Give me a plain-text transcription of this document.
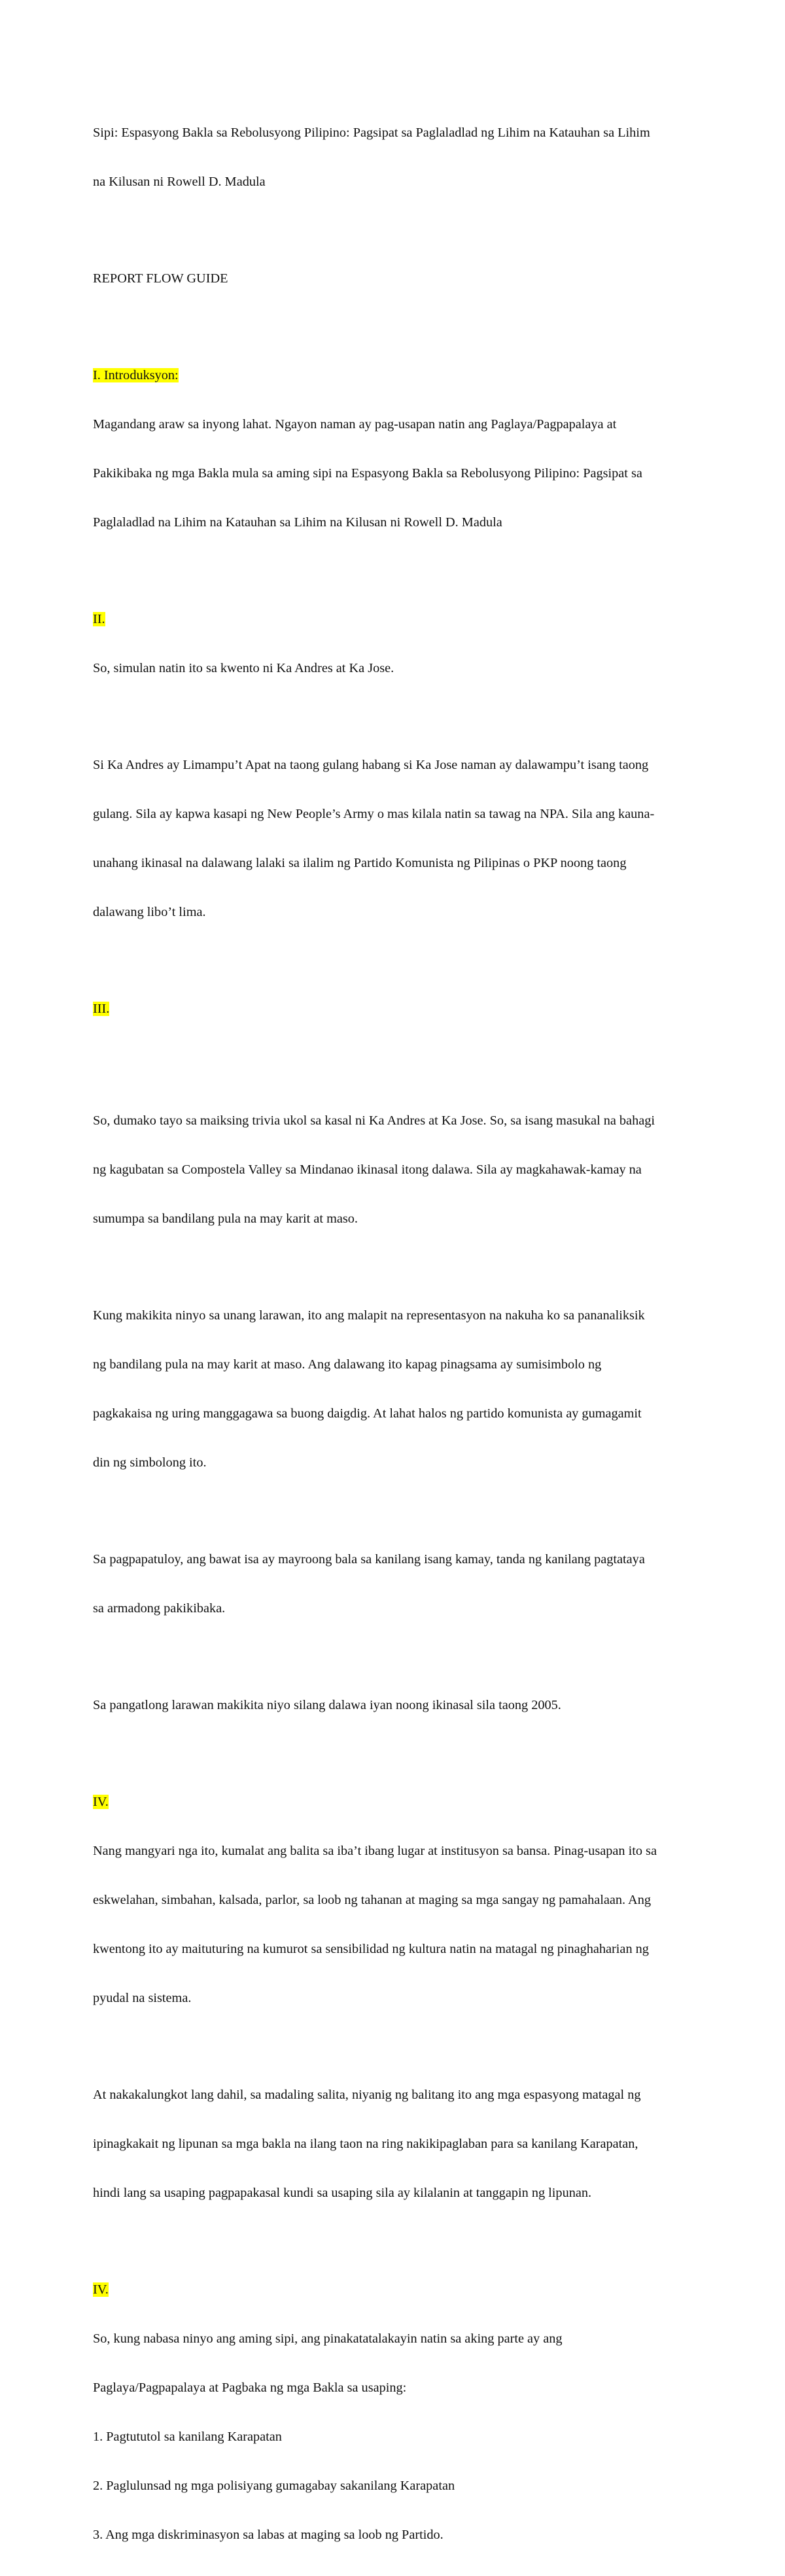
Sipi: Espasyong Bakla sa Rebolusyong Pilipino: Pagsipat sa Paglaladlad ng Lihim na Katauhan sa Lihim

na Kilusan ni Rowell D. Madula

REPORT FLOW GUIDE

I. Introduksyon:

Magandang araw sa inyong lahat. Ngayon naman ay pag-usapan natin ang Paglaya/Pagpapalaya at

Pakikibaka ng mga Bakla mula sa aming sipi na Espasyong Bakla sa Rebolusyong Pilipino: Pagsipat sa

Paglaladlad na Lihim na Katauhan sa Lihim na Kilusan ni Rowell D. Madula

II.

So, simulan natin ito sa kwento ni Ka Andres at Ka Jose.

Si Ka Andres ay Limampu’t Apat na taong gulang habang si Ka Jose naman ay dalawampu’t isang taong

gulang. Sila ay kapwa kasapi ng New People’s Army o mas kilala natin sa tawag na NPA. Sila ang kauna-

unahang ikinasal na dalawang lalaki sa ilalim ng Partido Komunista ng Pilipinas o PKP noong taong

dalawang libo’t lima.

III.

So, dumako tayo sa maiksing trivia ukol sa kasal ni Ka Andres at Ka Jose. So, sa isang masukal na bahagi

ng kagubatan sa Compostela Valley sa Mindanao ikinasal itong dalawa. Sila ay magkahawak-kamay na

sumumpa sa bandilang pula na may karit at maso.

Kung makikita ninyo sa unang larawan, ito ang malapit na representasyon na nakuha ko sa pananaliksik

ng bandilang pula na may karit at maso. Ang dalawang ito kapag pinagsama ay sumisimbolo ng

pagkakaisa ng uring manggagawa sa buong daigdig. At lahat halos ng partido komunista ay gumagamit

din ng simbolong ito.

Sa pagpapatuloy, ang bawat isa ay mayroong bala sa kanilang isang kamay, tanda ng kanilang pagtataya

sa armadong pakikibaka.

Sa pangatlong larawan makikita niyo silang dalawa iyan noong ikinasal sila taong 2005.

IV.

Nang mangyari nga ito, kumalat ang balita sa iba’t ibang lugar at institusyon sa bansa. Pinag-usapan ito sa

eskwelahan, simbahan, kalsada, parlor, sa loob ng tahanan at maging sa mga sangay ng pamahalaan. Ang

kwentong ito ay maituturing na kumurot sa sensibilidad ng kultura natin na matagal ng pinaghaharian ng

pyudal na sistema.

At nakakalungkot lang dahil, sa madaling salita, niyanig ng balitang ito ang mga espasyong matagal ng

ipinagkakait ng lipunan sa mga bakla na ilang taon na ring nakikipaglaban para sa kanilang Karapatan,

hindi lang sa usaping pagpapakasal kundi sa usaping sila ay kilalanin at tanggapin ng lipunan.

IV.

So, kung nabasa ninyo ang aming sipi, ang pinakatatalakayin natin sa aking parte ay ang

Paglaya/Pagpapalaya at Pagbaka ng mga Bakla sa usaping:

1. Pagtututol sa kanilang Karapatan

2. Paglulunsad ng mga polisiyang gumagabay sakanilang Karapatan

3. Ang mga diskriminasyon sa labas at maging sa loob ng Partido.
